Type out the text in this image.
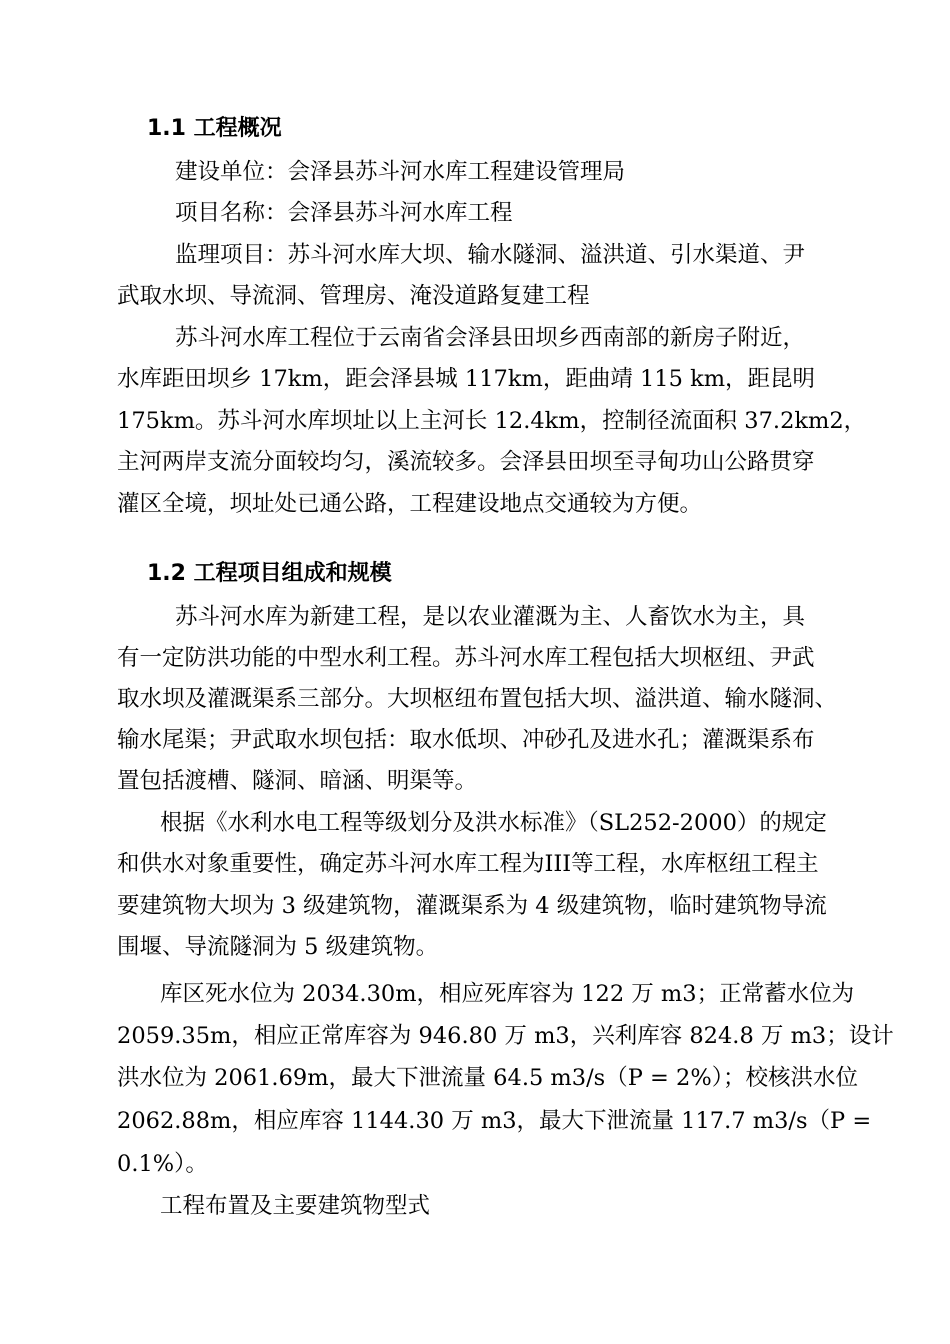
1.1 工程概况
建设单位：会泽县苏斗河水库工程建设管理局
项目名称：会泽县苏斗河水库工程
监理项目：苏斗河水库大坝、输水隧洞、溢洪道、引水渠道、尹
武取水坝、导流洞、管理房、淹没道路复建工程
苏斗河水库工程位于云南省会泽县田坝乡西南部的新房子附近，
水库距田坝乡 17km，距会泽县城 117km，距曲靖 115 km，距昆明
175km。苏斗河水库坝址以上主河长 12.4km，控制径流面积 37.2km2，
主河两岸支流分面较均匀，溪流较多。会泽县田坝至寻甸功山公路贯穿
灌区全境，坝址处已通公路，工程建设地点交通较为方便。
1.2 工程项目组成和规模
苏斗河水库为新建工程，是以农业灌溉为主、人畜饮水为主，具
有一定防洪功能的中型水利工程。苏斗河水库工程包括大坝枢纽、尹武
取水坝及灌溉渠系三部分。大坝枢纽布置包括大坝、溢洪道、输水隧洞、
输水尾渠；尹武取水坝包括：取水低坝、冲砂孔及进水孔；灌溉渠系布
置包括渡槽、隧洞、暗涵、明渠等。
根据《水利水电工程等级划分及洪水标准》（SL252-2000）的规定
和供水对象重要性，确定苏斗河水库工程为III等工程，水库枢纽工程主
要建筑物大坝为 3 级建筑物，灌溉渠系为 4 级建筑物，临时建筑物导流
围堰、导流隧洞为 5 级建筑物。
库区死水位为 2034.30m，相应死库容为 122 万 m3；正常蓄水位为
2059.35m，相应正常库容为 946.80 万 m3，兴利库容 824.8 万 m3；设计
洪水位为 2061.69m，最大下泄流量 64.5 m3/s（P = 2%）；校核洪水位
2062.88m，相应库容 1144.30 万 m3，最大下泄流量 117.7 m3/s（P =
0.1%）。
工程布置及主要建筑物型式
